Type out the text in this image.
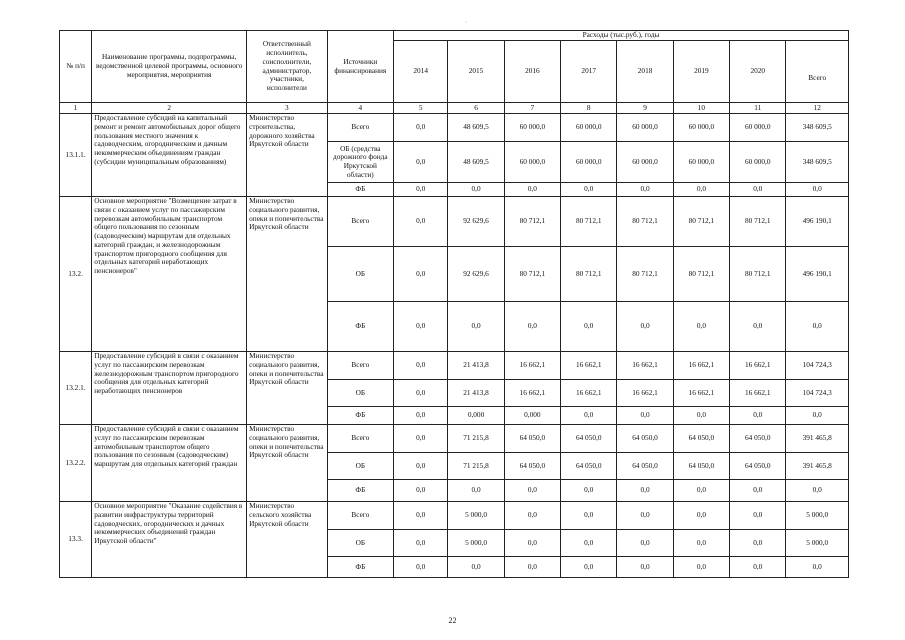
·
№ п/п	Наименование программы, подпрограммы, ведомственной целевой программы, основного мероприятия, мероприятия	Ответственный исполнитель, соисполнители, администратор, участники, исполнители	Источники финансирования	Расходы (тыс.руб.), годы							
				2014	2015	2016	2017	2018	2019	2020	Всего
1	2	3	4	5	6	7	8	9	10	11	12
13.1.1.	Предоставление субсидий на капитальный ремонт и ремонт автомобильных дорог общего пользования местного значения к садоводческим, огородническим и дачным некоммерческим объединениям граждан (субсидии муниципальным образованиям)	Министерство строительства, дорожного хозяйства Иркутской области	Всего	0,0	48 609,5	60 000,0	60 000,0	60 000,0	60 000,0	60 000,0	348 609,5
			ОБ (средства дорожного фонда Иркутской области)	0,0	48 609,5	60 000,0	60 000,0	60 000,0	60 000,0	60 000,0	348 609,5
			ФБ	0,0	0,0	0,0	0,0	0,0	0,0	0,0	0,0
13.2.	Основное мероприятие "Возмещение затрат в связи с оказанием услуг по пассажирским перевозкам автомобильным транспортом общего пользования по сезонным (садоводческим) маршрутам для отдельных категорий граждан, и железнодорожным транспортом пригородного сообщения для отдельных категорий неработающих пенсионеров"	Министерство социального развития, опеки и попечительства Иркутской области	Всего	0,0	92 629,6	80 712,1	80 712,1	80 712,1	80 712,1	80 712,1	496 190,1
			ОБ	0,0	92 629,6	80 712,1	80 712,1	80 712,1	80 712,1	80 712,1	496 190,1
			ФБ	0,0	0,0	0,0	0,0	0,0	0,0	0,0	0,0
13.2.1.	Предоставление субсидий в связи с оказанием услуг по пассажирским перевозкам железнодорожным транспортом пригородного сообщения для отдельных категорий неработающих пенсионеров	Министерство социального развития, опеки и попечительства Иркутской области	Всего	0,0	21 413,8	16 662,1	16 662,1	16 662,1	16 662,1	16 662,1	104 724,3
			ОБ	0,0	21 413,8	16 662,1	16 662,1	16 662,1	16 662,1	16 662,1	104 724,3
			ФБ	0,0	0,000	0,000	0,0	0,0	0,0	0,0	0,0
13.2.2.	Предоставление субсидий в связи с оказанием услуг по пассажирским перевозкам автомобильным транспортом общего пользования по сезонным (садоводческим) маршрутам для отдельных категорий граждан	Министерство социального развития, опеки и попечительства Иркутской области	Всего	0,0	71 215,8	64 050,0	64 050,0	64 050,0	64 050,0	64 050,0	391 465,8
			ОБ	0,0	71 215,8	64 050,0	64 050,0	64 050,0	64 050,0	64 050,0	391 465,8
			ФБ	0,0	0,0	0,0	0,0	0,0	0,0	0,0	0,0
13.3.	Основное мероприятие "Оказание содействия в развитии инфраструктуры территорий садоводческих, огороднических и дачных некоммерческих объединений граждан Иркутской области"	Министерство сельского хозяйства Иркутской области	Всего	0,0	5 000,0	0,0	0,0	0,0	0,0	0,0	5 000,0
			ОБ	0,0	5 000,0	0,0	0,0	0,0	0,0	0,0	5 000,0
			ФБ	0,0	0,0	0,0	0,0	0,0	0,0	0,0	0,0
22
